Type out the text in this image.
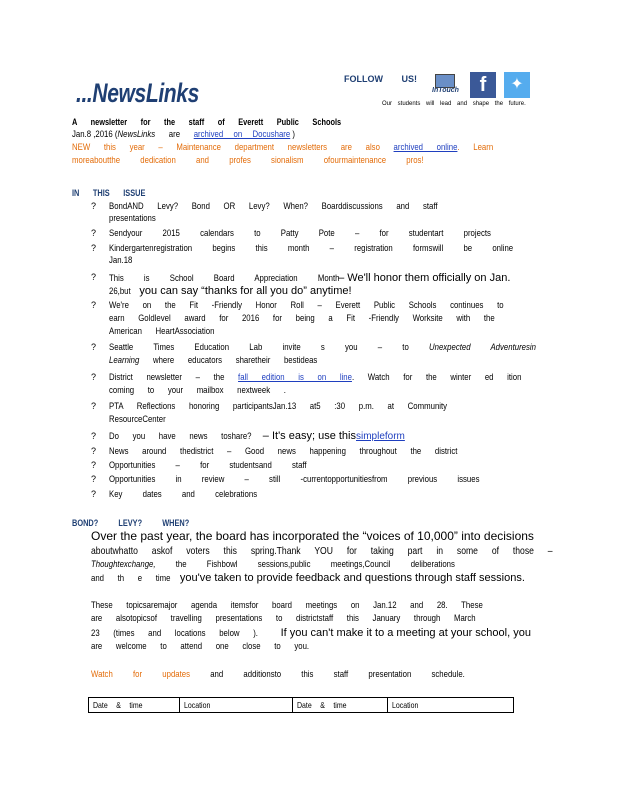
...NewsLinks	FOLLOW US!
InTouch	f	✦
Our students will lead and shape the future.
A newsletter for the staff of Everett Public Schools
Jan.8 ,2016 (NewsLinks are archived on Docushare )
NEW this year – Maintenance department newsletters are also archived online. Learn
moreaboutthe dedication and profes sionalism ofourmaintenance pros!
IN THIS ISSUE
?
?
?
?
?
?
?
?
?
?
?
?
?
BondAND Levy? Bond OR Levy? When? Boarddiscussions and staff
presentations
Sendyour 2015 calendars to Patty Pote – for studentart projects
Kindergartenregistration begins this month – registration formswill be online
Jan.18
This is School Board Appreciation Month– We'll honor them officially on Jan.
26,but you can say “thanks for all you do” anytime!
We're on the Fit -Friendly Honor Roll – Everett Public Schools continues to
earn Goldlevel award for 2016 for being a Fit -Friendly Worksite with the
American HeartAssociation
Seattle Times Education Lab invite s you – to Unexpected Adventuresin
Learning where educators sharetheir bestideas
District newsletter – the fall edition is on line. Watch for the winter ed ition
coming to your mailbox nextweek .
PTA Reflections honoring participantsJan.13 at5 :30 p.m. at Community
ResourceCenter
Do you have news toshare? – It's easy; use thissimpleform
News around thedistrict – Good news happening throughout the district
Opportunities – for studentsand staff
Opportunities in review – still -currentopportunitiesfrom previous issues
Key dates and celebrations
BOND? LEVY? WHEN?
Over the past year, the board has incorporated the “voices of 10,000” into decisions
aboutwhatto askof voters this spring.Thank YOU for taking part in some of those –
Thoughtexchange, the Fishbowl sessions,public meetings,Council deliberations
and th e time you've taken to provide feedback and questions through staff sessions.
These topicsaremajor agenda itemsfor board meetings on Jan.12 and 28. These
are alsotopicsof travelling presentations to districtstaff this January through March
23 (times and locations below ). If you can't make it to a meeting at your school, you
are welcome to attend one close to you.
Watch for updates and additionsto this staff presentation schedule.
Date & time	Location	Date & time	Location
